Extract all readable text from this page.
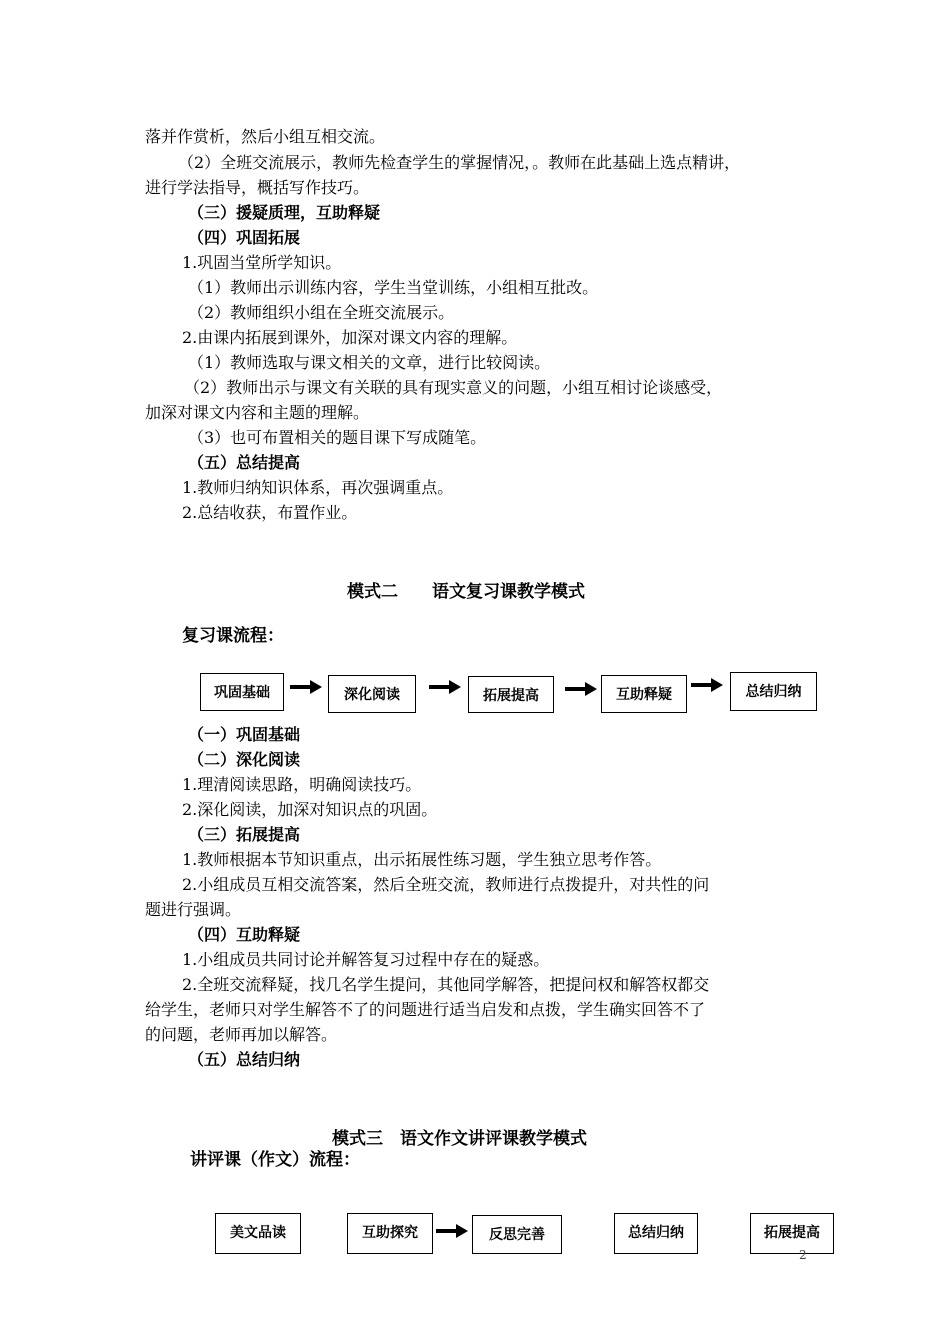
落并作赏析，然后小组互相交流。
（2）全班交流展示，教师先检查学生的掌握情况，。教师在此基础上选点精讲，
进行学法指导，概括写作技巧。
（三）援疑质理，互助释疑
（四）巩固拓展
1.巩固当堂所学知识。
（1）教师出示训练内容，学生当堂训练，小组相互批改。
（2）教师组织小组在全班交流展示。
2.由课内拓展到课外，加深对课文内容的理解。
（1）教师选取与课文相关的文章，进行比较阅读。
（2）教师出示与课文有关联的具有现实意义的问题，小组互相讨论谈感受，
加深对课文内容和主题的理解。
（3）也可布置相关的题目课下写成随笔。
（五）总结提高
1.教师归纳知识体系，再次强调重点。
2.总结收获，布置作业。
模式二　　语文复习课教学模式
复习课流程：
巩固基础	深化阅读	拓展提高	互助释疑	总结归纳
（一）巩固基础
（二）深化阅读
1.理清阅读思路，明确阅读技巧。
2.深化阅读，加深对知识点的巩固。
（三）拓展提高
1.教师根据本节知识重点，出示拓展性练习题，学生独立思考作答。
2.小组成员互相交流答案，然后全班交流，教师进行点拨提升，对共性的问
题进行强调。
（四）互助释疑
1.小组成员共同讨论并解答复习过程中存在的疑惑。
2.全班交流释疑，找几名学生提问，其他同学解答，把提问权和解答权都交
给学生，老师只对学生解答不了的问题进行适当启发和点拨，学生确实回答不了
的问题，老师再加以解答。
（五）总结归纳
模式三　语文作文讲评课教学模式
讲评课（作文）流程：
美文品读	互助探究	反思完善	总结归纳	拓展提高
2
